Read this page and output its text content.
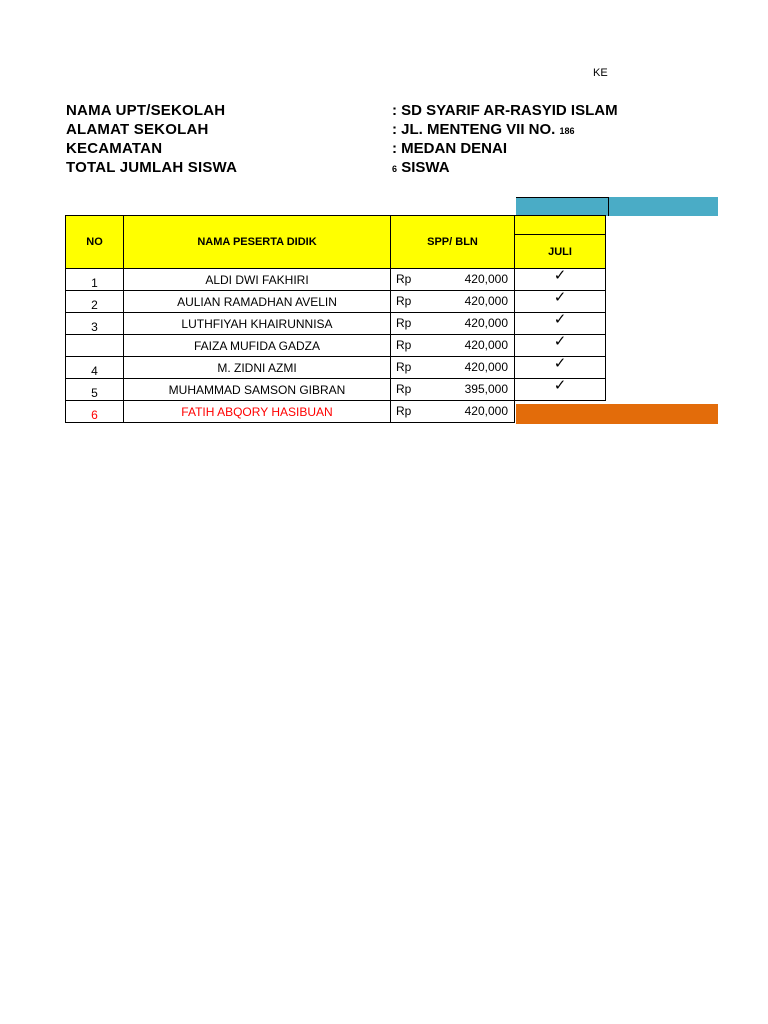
KE
NAMA UPT/SEKOLAH	: SD SYARIF AR-RASYID ISLAM
ALAMAT SEKOLAH	: JL. MENTENG VII NO. 186
KECAMATAN	: MEDAN DENAI
TOTAL JUMLAH SISWA	6 SISWA
NO	NAMA PESERTA DIDIK	SPP/ BLN	JULI

1	ALDI DWI FAKHIRI	Rp 420,000	✓
2	AULIAN RAMADHAN AVELIN	Rp 420,000	✓
3	LUTHFIYAH KHAIRUNNISA	Rp 420,000	✓
	FAIZA MUFIDA GADZA	Rp 420,000	✓
4	M. ZIDNI AZMI	Rp 420,000	✓
5	MUHAMMAD SAMSON GIBRAN	Rp 395,000	✓
6	FATIH ABQORY HASIBUAN	Rp 420,000	
